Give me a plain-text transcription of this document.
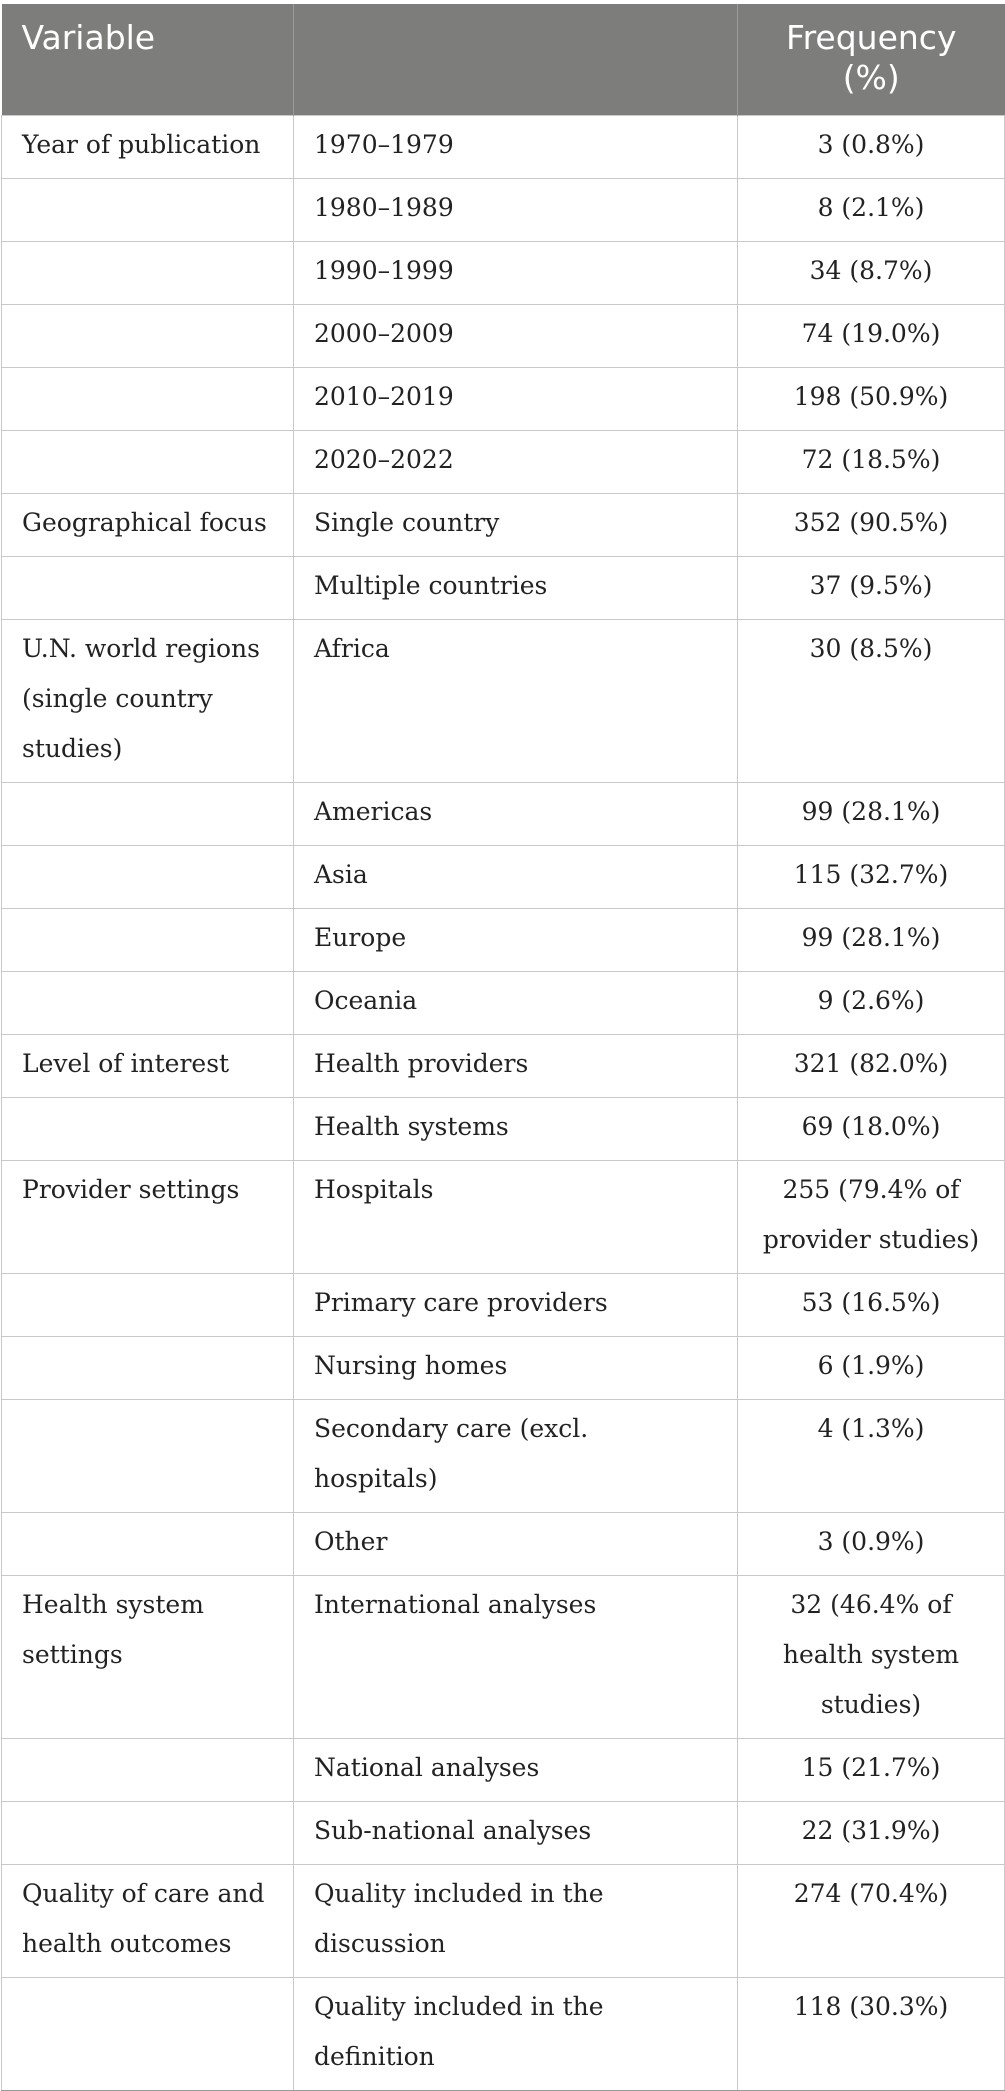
Variable		Frequency (%)
Year of publication	1970–1979	3 (0.8%)
	1980–1989	8 (2.1%)
	1990–1999	34 (8.7%)
	2000–2009	74 (19.0%)
	2010–2019	198 (50.9%)
	2020–2022	72 (18.5%)
Geographical focus	Single country	352 (90.5%)
	Multiple countries	37 (9.5%)
U.N. world regions (single country studies)	Africa	30 (8.5%)
	Americas	99 (28.1%)
	Asia	115 (32.7%)
	Europe	99 (28.1%)
	Oceania	9 (2.6%)
Level of interest	Health providers	321 (82.0%)
	Health systems	69 (18.0%)
Provider settings	Hospitals	255 (79.4% of provider studies)
	Primary care providers	53 (16.5%)
	Nursing homes	6 (1.9%)
	Secondary care (excl. hospitals)	4 (1.3%)
	Other	3 (0.9%)
Health system settings	International analyses	32 (46.4% of health system studies)
	National analyses	15 (21.7%)
	Sub-national analyses	22 (31.9%)
Quality of care and health outcomes	Quality included in the discussion	274 (70.4%)
	Quality included in the definition	118 (30.3%)
